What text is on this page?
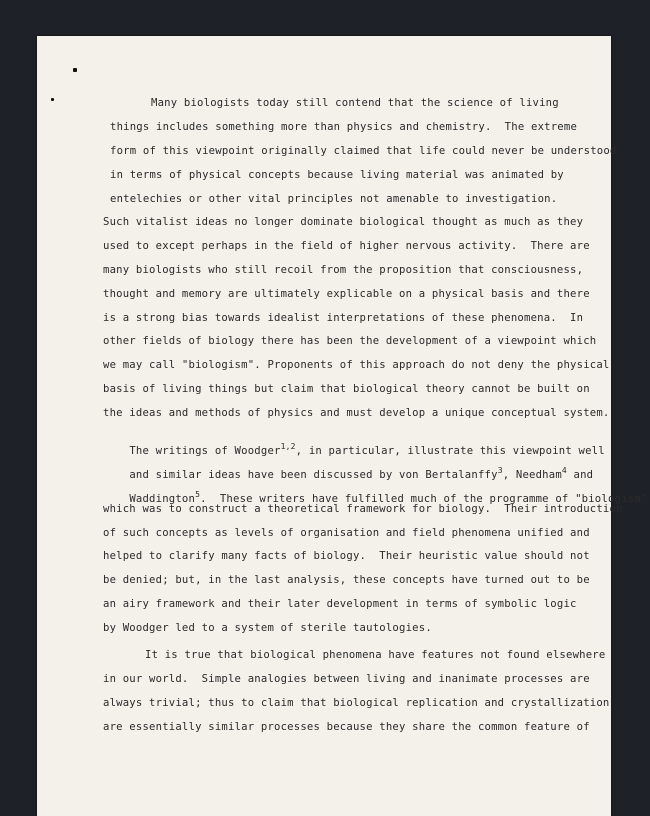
Many biologists today still contend that the science of living
things includes something more than physics and chemistry.  The extreme
form of this viewpoint originally claimed that life could never be understood
in terms of physical concepts because living material was animated by
entelechies or other vital principles not amenable to investigation.
Such vitalist ideas no longer dominate biological thought as much as they
used to except perhaps in the field of higher nervous activity.  There are
many biologists who still recoil from the proposition that consciousness,
thought and memory are ultimately explicable on a physical basis and there
is a strong bias towards idealist interpretations of these phenomena.  In
other fields of biology there has been the development of a viewpoint which
we may call "biologism". Proponents of this approach do not deny the physical
basis of living things but claim that biological theory cannot be built on
the ideas and methods of physics and must develop a unique conceptual system.

The writings of Woodger$^{1,2}$, in particular, illustrate this viewpoint well

and similar ideas have been discussed by von Bertalanffy$^3$, Needham$^4$ and

Waddington$^5$.  These writers have fulfilled much of the programme of "biologism"

which was to construct a theoretical framework for biology.  Their introduction
of such concepts as levels of organisation and field phenomena unified and
helped to clarify many facts of biology.  Their heuristic value should not
be denied; but, in the last analysis, these concepts have turned out to be
an airy framework and their later development in terms of symbolic logic
by Woodger led to a system of sterile tautologies.
It is true that biological phenomena have features not found elsewhere
in our world.  Simple analogies between living and inanimate processes are
always trivial; thus to claim that biological replication and crystallization
are essentially similar processes because they share the common feature of
